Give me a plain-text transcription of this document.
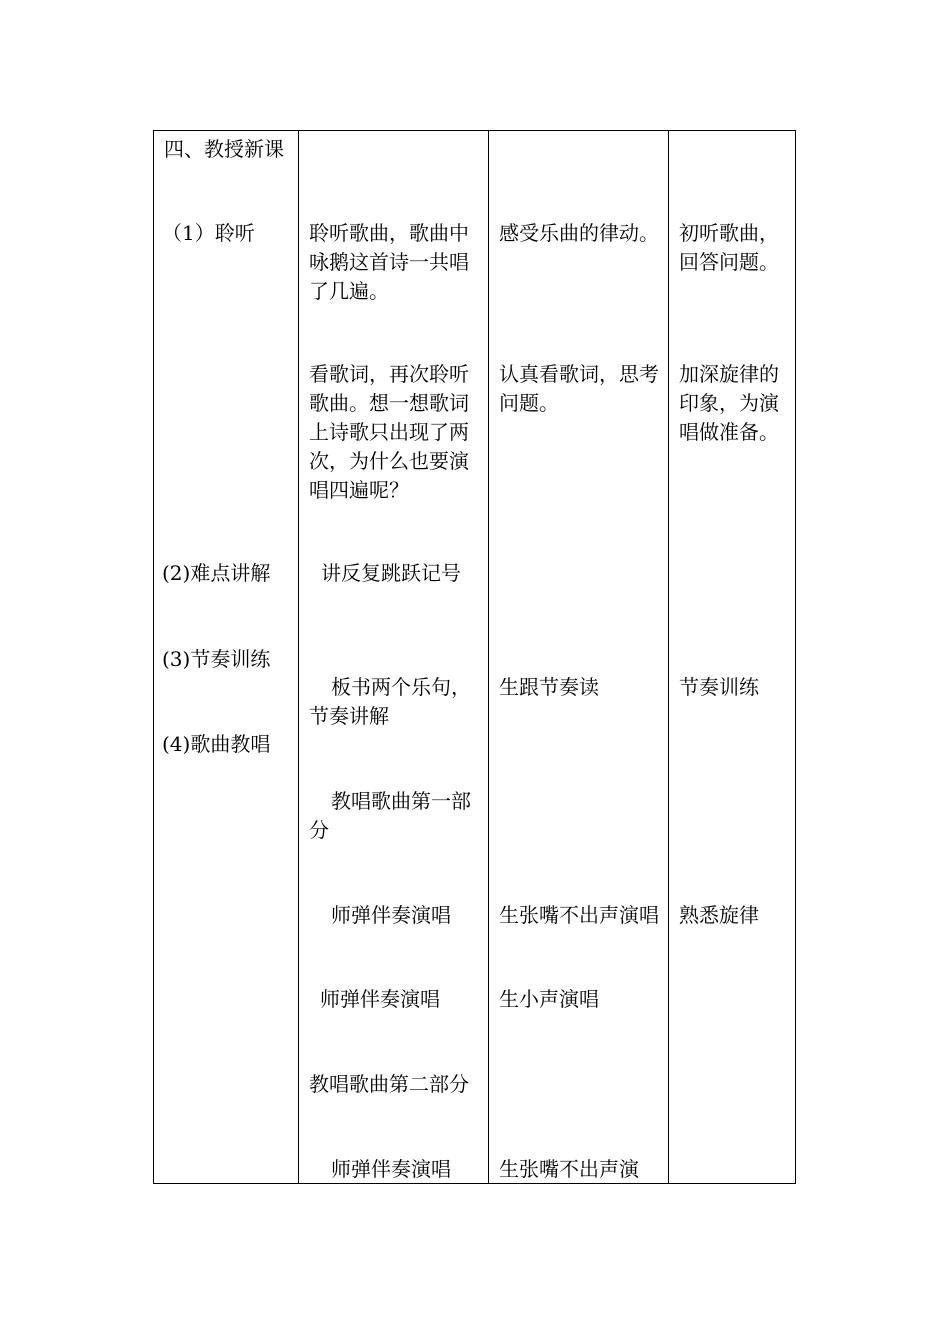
四、教授新课

（1）聆听

(2)难点讲解

(3)节奏训练

(4)歌曲教唱

聆听歌曲，歌曲中咏鹅这首诗一共唱了几遍。

看歌词，再次聆听歌曲。想一想歌词上诗歌只出现了两次，为什么也要演唱四遍呢？

讲反复跳跃记号

板书两个乐句，节奏讲解

教唱歌曲第一部分

师弹伴奏演唱

师弹伴奏演唱

教唱歌曲第二部分

师弹伴奏演唱

感受乐曲的律动。

认真看歌词，思考问题。

生跟节奏读

生张嘴不出声演唱

生小声演唱

生张嘴不出声演

初听歌曲，回答问题。

加深旋律的印象，为演唱做准备。

节奏训练

熟悉旋律
